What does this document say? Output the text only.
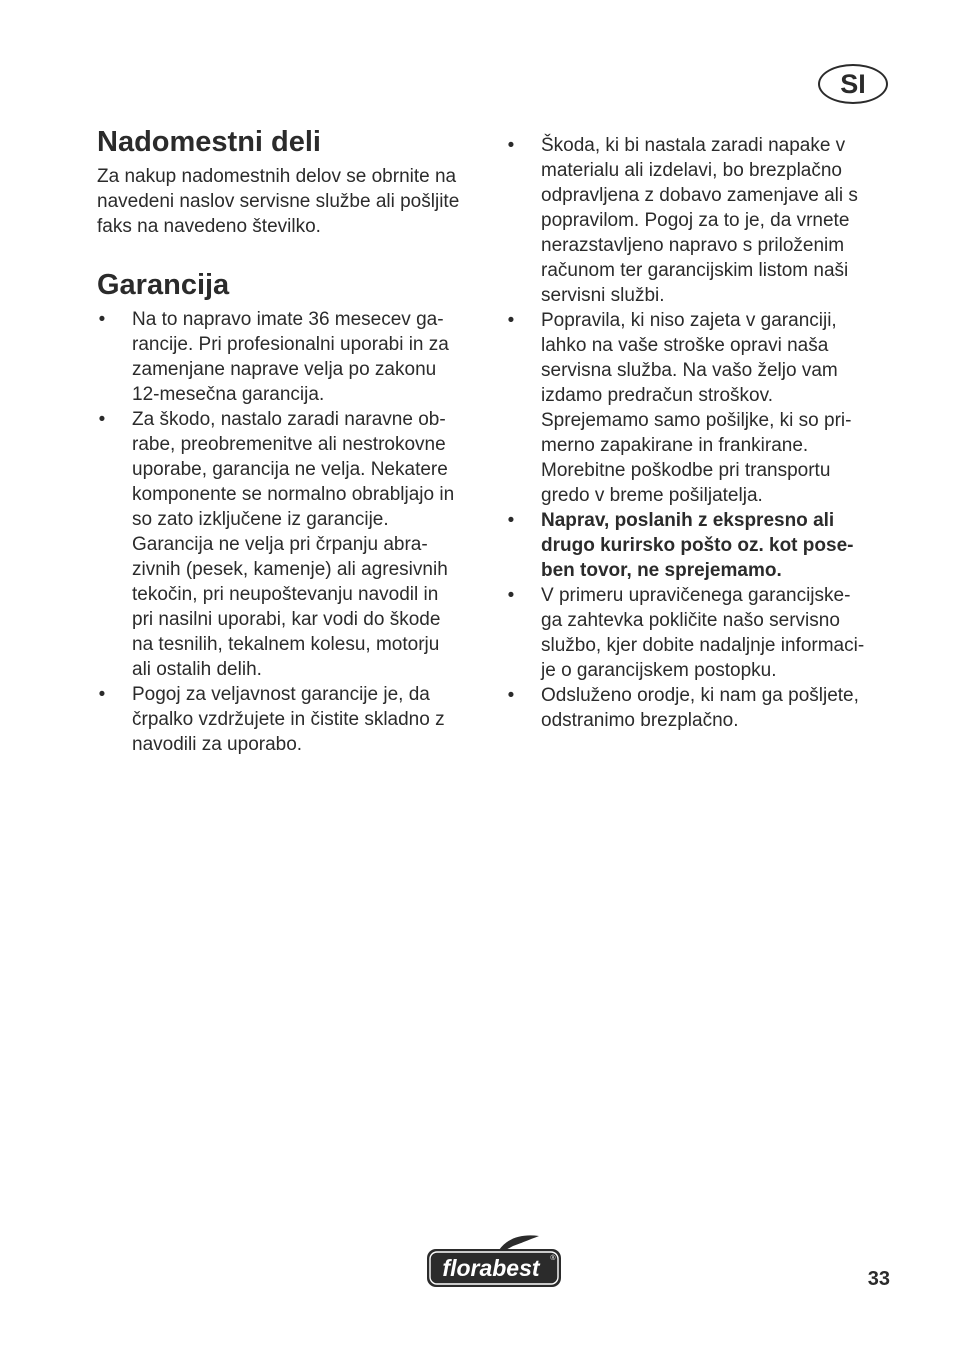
SI
Nadomestni deli

Za nakup nadomestnih delov se obrnite na
navedeni naslov servisne službe ali pošljite
faks na navedeno številko.

Garancija
• Na to napravo imate 36 mesecev ga-
rancije. Pri profesionalni uporabi in za
zamenjane naprave velja po zakonu
12-mesečna garancija.
• Za škodo, nastalo zaradi naravne ob-
rabe, preobremenitve ali nestrokovne
uporabe, garancija ne velja. Nekatere
komponente se normalno obrabljajo in
so zato izključene iz garancije.
Garancija ne velja pri črpanju abra-
zivnih (pesek, kamenje) ali agresivnih
tekočin, pri neupoštevanju navodil in
pri nasilni uporabi, kar vodi do škode
na tesnilih, tekalnem kolesu, motorju
ali ostalih delih.
• Pogoj za veljavnost garancije je, da
črpalko vzdržujete in čistite skladno z
navodili za uporabo.
• Škoda, ki bi nastala zaradi napake v
materialu ali izdelavi, bo brezplačno
odpravljena z dobavo zamenjave ali s
popravilom. Pogoj za to je, da vrnete
nerazstavljeno napravo s priloženim
računom ter garancijskim listom naši
servisni službi.
• Popravila, ki niso zajeta v garanciji,
lahko na vaše stroške opravi naša
servisna služba. Na vašo željo vam
izdamo predračun stroškov.
Sprejemamo samo pošiljke, ki so pri-
merno zapakirane in frankirane.
Morebitne poškodbe pri transportu
gredo v breme pošiljatelja.
• Naprav, poslanih z ekspresno ali
drugo kurirsko pošto oz. kot pose-
ben tovor, ne sprejemamo.
• V primeru upravičenega garancijske-
ga zahtevka pokličite našo servisno
službo, kjer dobite nadaljnje informaci-
je o garancijskem postopku.
• Odsluženo orodje, ki nam ga pošljete,
odstranimo brezplačno.
florabest ®
33
